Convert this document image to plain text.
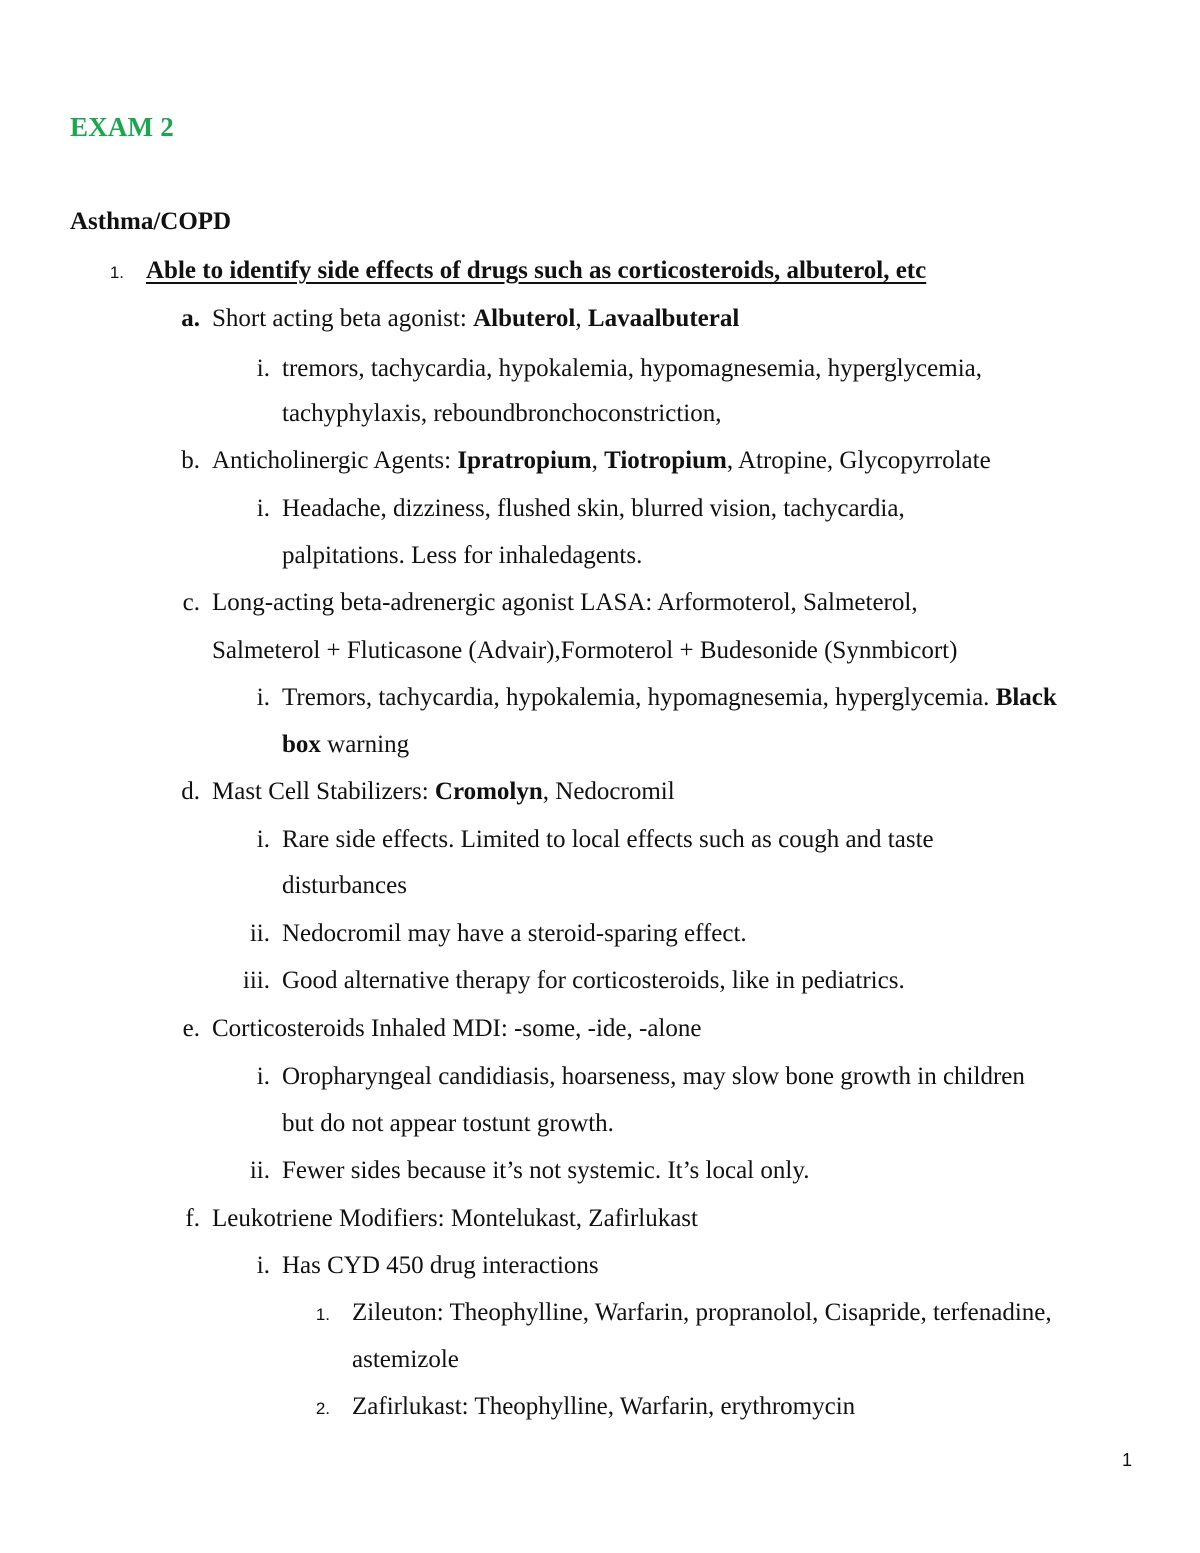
EXAM 2
Asthma/COPD
1. Able to identify side effects of drugs such as corticosteroids, albuterol, etc
a. Short acting beta agonist: Albuterol, Lavaalbuteral
i. tremors, tachycardia, hypokalemia, hypomagnesemia, hyperglycemia,
tachyphylaxis, reboundbronchoconstriction,
b. Anticholinergic Agents: Ipratropium, Tiotropium, Atropine, Glycopyrrolate
i. Headache, dizziness, flushed skin, blurred vision, tachycardia,
palpitations. Less for inhaledagents.
c. Long-acting beta-adrenergic agonist LASA: Arformoterol, Salmeterol,
Salmeterol + Fluticasone (Advair),Formoterol + Budesonide (Synmbicort)
i. Tremors, tachycardia, hypokalemia, hypomagnesemia, hyperglycemia. Black
box warning
d. Mast Cell Stabilizers: Cromolyn, Nedocromil
i. Rare side effects. Limited to local effects such as cough and taste
disturbances
ii. Nedocromil may have a steroid-sparing effect.
iii. Good alternative therapy for corticosteroids, like in pediatrics.
e. Corticosteroids Inhaled MDI: -some, -ide, -alone
i. Oropharyngeal candidiasis, hoarseness, may slow bone growth in children
but do not appear tostunt growth.
ii. Fewer sides because it’s not systemic. It’s local only.
f. Leukotriene Modifiers: Montelukast, Zafirlukast
i. Has CYD 450 drug interactions
1. Zileuton: Theophylline, Warfarin, propranolol, Cisapride, terfenadine,
astemizole
2. Zafirlukast: Theophylline, Warfarin, erythromycin
1
